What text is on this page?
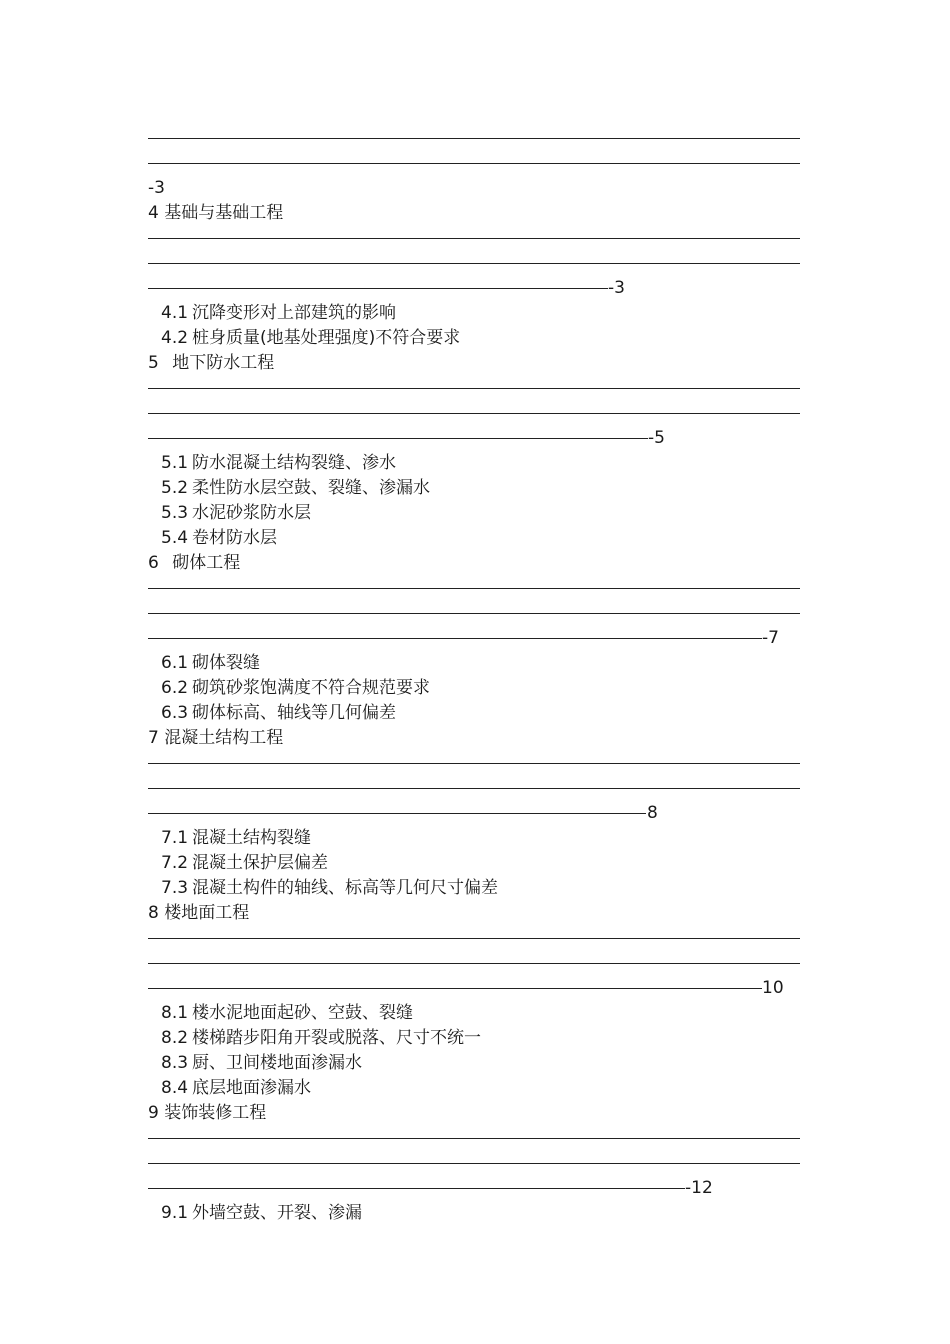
-3
4 基础与基础工程
-3
4.1 沉降变形对上部建筑的影响
4.2 桩身质量(地基处理强度)不符合要求
5 地下防水工程
-5
5.1 防水混凝土结构裂缝、渗水
5.2 柔性防水层空鼓、裂缝、渗漏水
5.3 水泥砂浆防水层
5.4 卷材防水层
6 砌体工程
-7
6.1 砌体裂缝
6.2 砌筑砂浆饱满度不符合规范要求
6.3 砌体标高、轴线等几何偏差
7 混凝土结构工程
8
7.1 混凝土结构裂缝
7.2 混凝土保护层偏差
7.3 混凝土构件的轴线、标高等几何尺寸偏差
8 楼地面工程
10
8.1 楼水泥地面起砂、空鼓、裂缝
8.2 楼梯踏步阳角开裂或脱落、尺寸不统一
8.3 厨、卫间楼地面渗漏水
8.4 底层地面渗漏水
9 装饰装修工程
-12
9.1 外墙空鼓、开裂、渗漏
